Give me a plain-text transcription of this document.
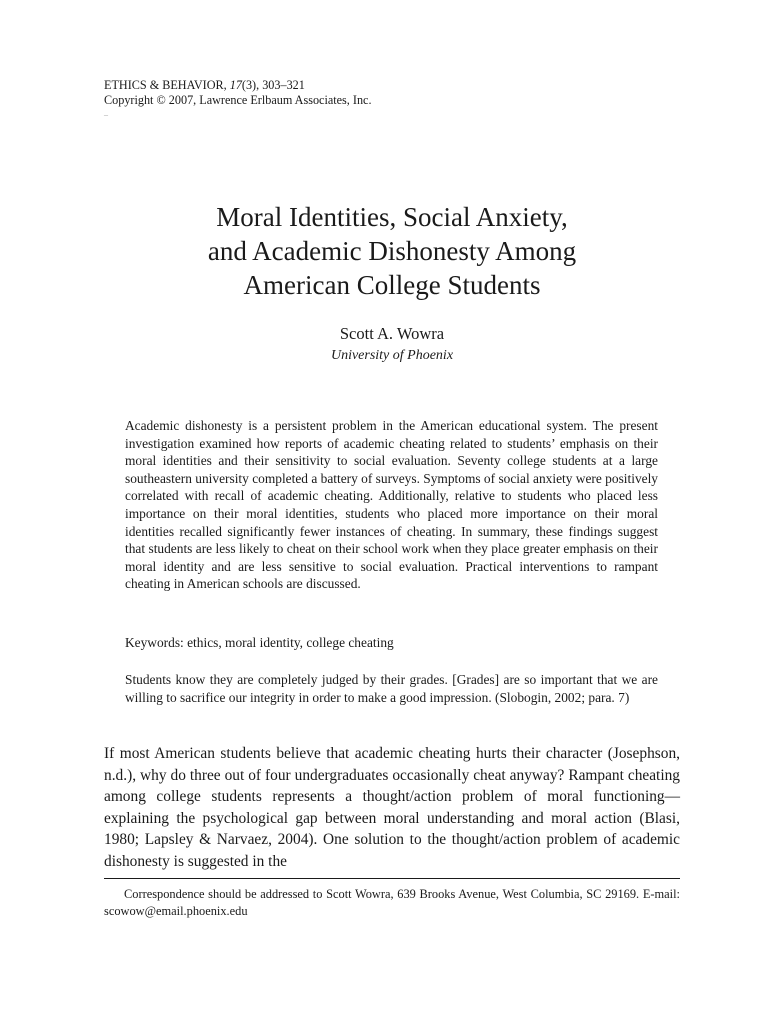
ETHICS & BEHAVIOR, 17(3), 303–321
Copyright © 2007, Lawrence Erlbaum Associates, Inc.
–
Moral Identities, Social Anxiety,
and Academic Dishonesty Among
American College Students
Scott A. Wowra
University of Phoenix

Academic dishonesty is a persistent problem in the American educational system. The present investigation examined how reports of academic cheating related to students’ emphasis on their moral identities and their sensitivity to social evaluation. Seventy college students at a large southeastern university completed a battery of surveys. Symptoms of social anxiety were positively correlated with recall of academic cheating. Additionally, relative to students who placed less importance on their moral identities, students who placed more importance on their moral identities recalled significantly fewer instances of cheating. In summary, these findings suggest that students are less likely to cheat on their school work when they place greater emphasis on their moral identity and are less sensitive to social evaluation. Practical interventions to rampant cheating in American schools are discussed.

Keywords: ethics, moral identity, college cheating

Students know they are completely judged by their grades. [Grades] are so important that we are willing to sacrifice our integrity in order to make a good impression. (Slobogin, 2002; para. 7)

If most American students believe that academic cheating hurts their character (Josephson, n.d.), why do three out of four undergraduates occasionally cheat anyway? Rampant cheating among college students represents a thought/action problem of moral functioning—explaining the psychological gap between moral understanding and moral action (Blasi, 1980; Lapsley & Narvaez, 2004). One solution to the thought/action problem of academic dishonesty is suggested in the

Correspondence should be addressed to Scott Wowra, 639 Brooks Avenue, West Columbia, SC 29169. E-mail: scowow@email.phoenix.edu
